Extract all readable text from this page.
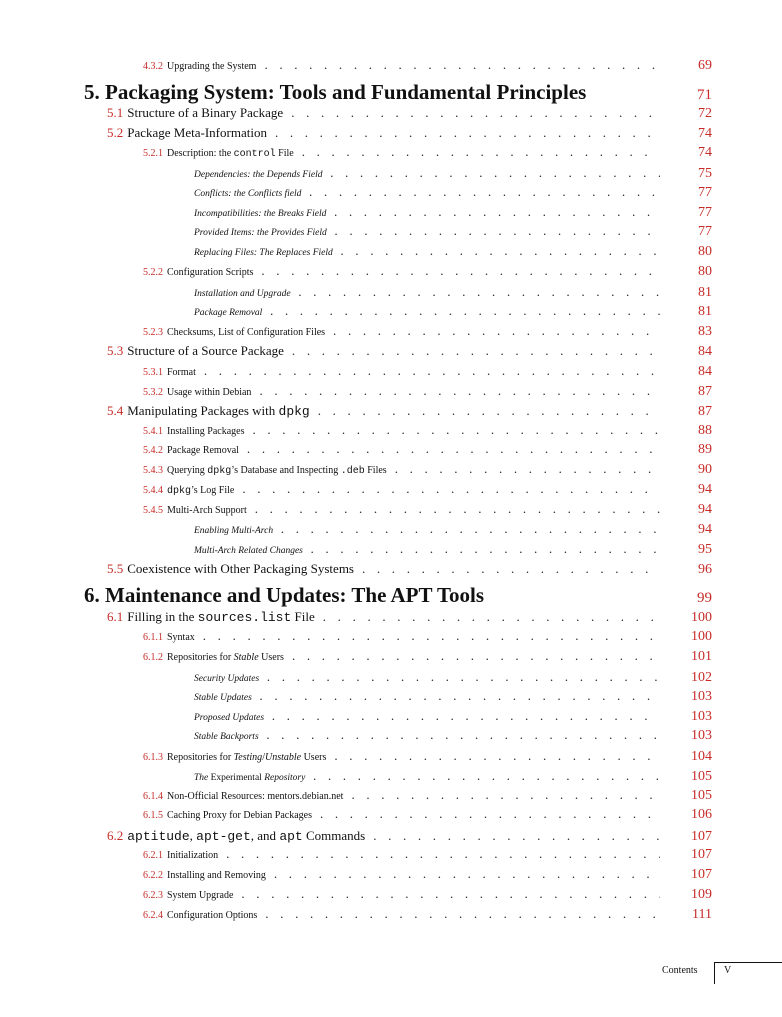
4.3.2 Upgrading the System . . .	69
5. Packaging System: Tools and Fundamental Principles	71
5.1 Structure of a Binary Package . . .	72
5.2 Package Meta-Information . . .	74
5.2.1 Description: the control File . . .	74
Dependencies: the Depends Field . . .	75
Conflicts: the Conflicts field . . .	77
Incompatibilities: the Breaks Field . . .	77
Provided Items: the Provides Field . . .	77
Replacing Files: The Replaces Field . . .	80
5.2.2 Configuration Scripts . . .	80
Installation and Upgrade . . .	81
Package Removal . . .	81
5.2.3 Checksums, List of Configuration Files . . .	83
5.3 Structure of a Source Package . . .	84
5.3.1 Format . . .	84
5.3.2 Usage within Debian . . .	87
5.4 Manipulating Packages with dpkg . . .	87
5.4.1 Installing Packages . . .	88
5.4.2 Package Removal . . .	89
5.4.3 Querying dpkg’s Database and Inspecting .deb Files . . .	90
5.4.4 dpkg’s Log File . . .	94
5.4.5 Multi-Arch Support . . .	94
Enabling Multi-Arch . . .	94
Multi-Arch Related Changes . . .	95
5.5 Coexistence with Other Packaging Systems . . .	96
6. Maintenance and Updates: The APT Tools	99
6.1 Filling in the sources.list File . . .	100
6.1.1 Syntax . . .	100
6.1.2 Repositories for Stable Users . . .	101
Security Updates . . .	102
Stable Updates . . .	103
Proposed Updates . . .	103
Stable Backports . . .	103
6.1.3 Repositories for Testing/Unstable Users . . .	104
The Experimental Repository . . .	105
6.1.4 Non-Official Resources: mentors.debian.net . . .	105
6.1.5 Caching Proxy for Debian Packages . . .	106
6.2 aptitude, apt-get, and apt Commands . . .	107
6.2.1 Initialization . . .	107
6.2.2 Installing and Removing . . .	107
6.2.3 System Upgrade . . .	109
6.2.4 Configuration Options . . .	111
Contents	V
